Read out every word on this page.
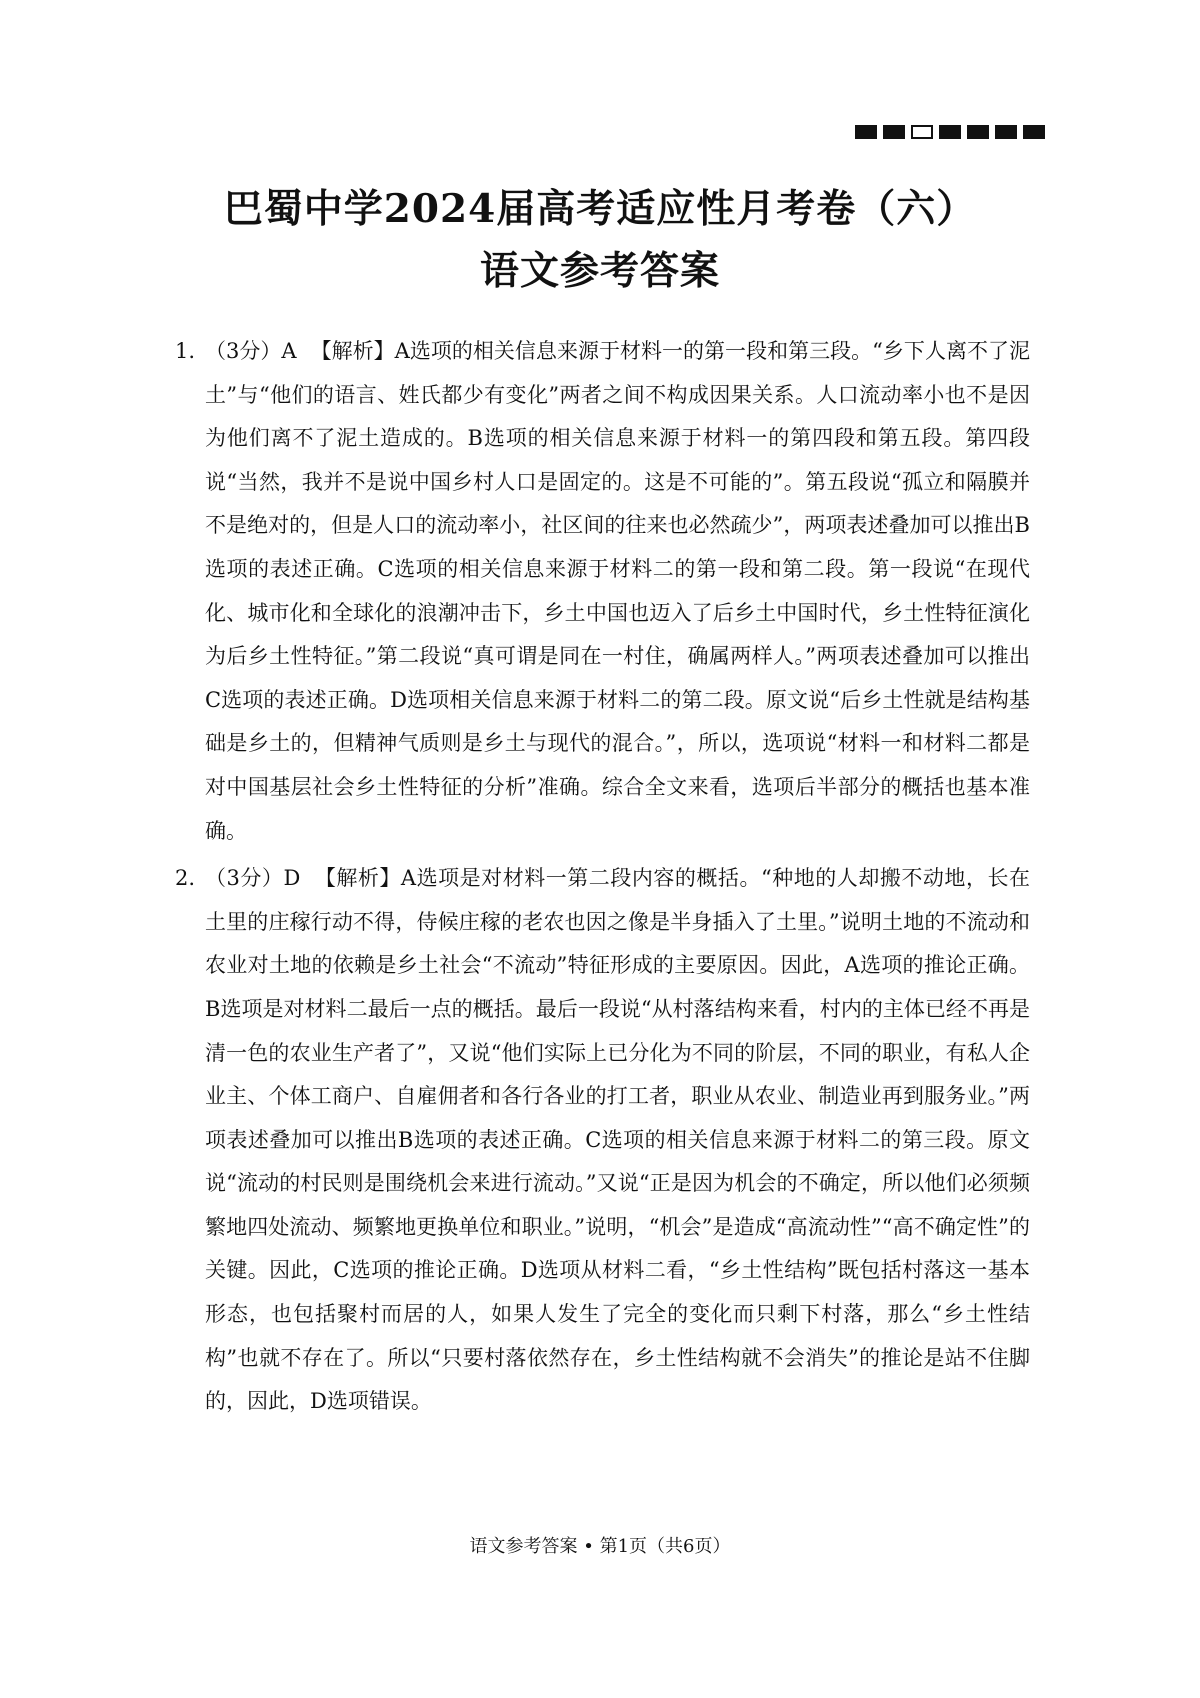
巴蜀中学2024届高考适应性月考卷（六）
语文参考答案
1. （3分）A 【解析】A选项的相关信息来源于材料一的第一段和第三段。“乡下人离不了泥土”与“他们的语言、姓氏都少有变化”两者之间不构成因果关系。人口流动率小也不是因为他们离不了泥土造成的。B选项的相关信息来源于材料一的第四段和第五段。第四段说“当然，我并不是说中国乡村人口是固定的。这是不可能的”。第五段说“孤立和隔膜并不是绝对的，但是人口的流动率小，社区间的往来也必然疏少”，两项表述叠加可以推出B选项的表述正确。C选项的相关信息来源于材料二的第一段和第二段。第一段说“在现代化、城市化和全球化的浪潮冲击下，乡土中国也迈入了后乡土中国时代，乡土性特征演化为后乡土性特征。”第二段说“真可谓是同在一村住，确属两样人。”两项表述叠加可以推出C选项的表述正确。D选项相关信息来源于材料二的第二段。原文说“后乡土性就是结构基础是乡土的，但精神气质则是乡土与现代的混合。”，所以，选项说“材料一和材料二都是对中国基层社会乡土性特征的分析”准确。综合全文来看，选项后半部分的概括也基本准确。
2. （3分）D 【解析】A选项是对材料一第二段内容的概括。“种地的人却搬不动地，长在土里的庄稼行动不得，侍候庄稼的老农也因之像是半身插入了土里。”说明土地的不流动和农业对土地的依赖是乡土社会“不流动”特征形成的主要原因。因此，A选项的推论正确。B选项是对材料二最后一点的概括。最后一段说“从村落结构来看，村内的主体已经不再是清一色的农业生产者了”，又说“他们实际上已分化为不同的阶层，不同的职业，有私人企业主、个体工商户、自雇佣者和各行各业的打工者，职业从农业、制造业再到服务业。”两项表述叠加可以推出B选项的表述正确。C选项的相关信息来源于材料二的第三段。原文说“流动的村民则是围绕机会来进行流动。”又说“正是因为机会的不确定，所以他们必须频繁地四处流动、频繁地更换单位和职业。”说明，“机会”是造成“高流动性”“高不确定性”的关键。因此，C选项的推论正确。D选项从材料二看，“乡土性结构”既包括村落这一基本形态，也包括聚村而居的人，如果人发生了完全的变化而只剩下村落，那么“乡土性结构”也就不存在了。所以“只要村落依然存在，乡土性结构就不会消失”的推论是站不住脚的，因此，D选项错误。
语文参考答案 • 第1页（共6页）
